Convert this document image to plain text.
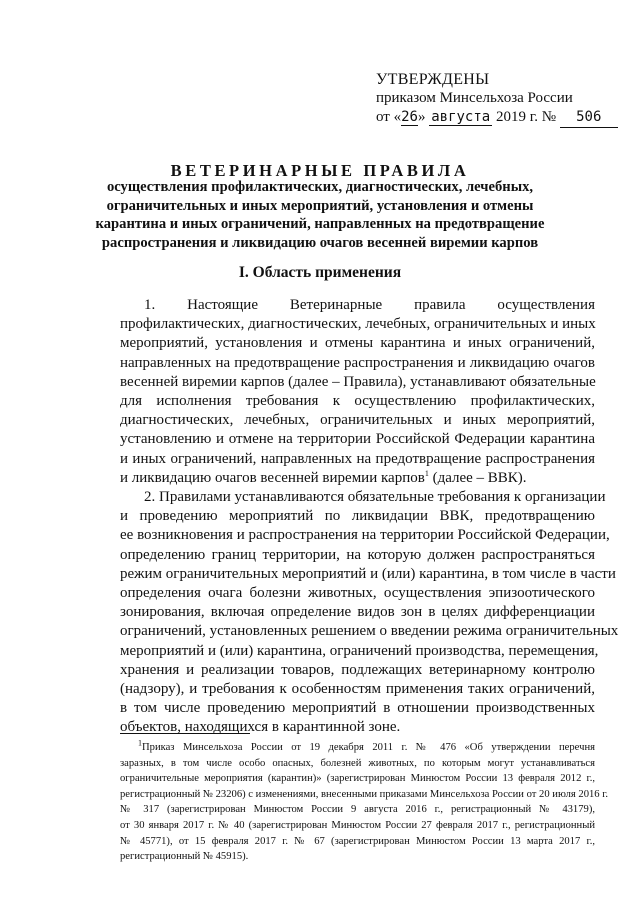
УТВЕРЖДЕНЫ
приказом Минсельхоза России
от «26» августа 2019 г. № 506
ВЕТЕРИНАРНЫЕ ПРАВИЛА
осуществления профилактических, диагностических, лечебных,
ограничительных и иных мероприятий, установления и отмены
карантина и иных ограничений, направленных на предотвращение
распространения и ликвидацию очагов весенней виремии карпов
I. Область применения
1. Настоящие Ветеринарные правила осуществления
профилактических, диагностических, лечебных, ограничительных и иных
мероприятий, установления и отмены карантина и иных ограничений,
направленных на предотвращение распространения и ликвидацию очагов
весенней виремии карпов (далее – Правила), устанавливают обязательные
для исполнения требования к осуществлению профилактических,
диагностических, лечебных, ограничительных и иных мероприятий,
установлению и отмене на территории Российской Федерации карантина
и иных ограничений, направленных на предотвращение распространения
и ликвидацию очагов весенней виремии карпов$^1$ (далее – ВВК).
2. Правилами устанавливаются обязательные требования к организации
и проведению мероприятий по ликвидации ВВК, предотвращению
ее возникновения и распространения на территории Российской Федерации,
определению границ территории, на которую должен распространяться
режим ограничительных мероприятий и (или) карантина, в том числе в части
определения очага болезни животных, осуществления эпизоотического
зонирования, включая определение видов зон в целях дифференциации
ограничений, установленных решением о введении режима ограничительных
мероприятий и (или) карантина, ограничений производства, перемещения,
хранения и реализации товаров, подлежащих ветеринарному контролю
(надзору), и требования к особенностям применения таких ограничений,
в том числе проведению мероприятий в отношении производственных
объектов, находящихся в карантинной зоне.
$^1$Приказ Минсельхоза России от 19 декабря 2011 г. № 476 «Об утверждении перечня
заразных, в том числе особо опасных, болезней животных, по которым могут устанавливаться
ограничительные мероприятия (карантин)» (зарегистрирован Минюстом России 13 февраля 2012 г.,
регистрационный № 23206) с изменениями, внесенными приказами Минсельхоза России от 20 июля 2016 г.
№ 317 (зарегистрирован Минюстом России 9 августа 2016 г., регистрационный № 43179),
от 30 января 2017 г. № 40 (зарегистрирован Минюстом России 27 февраля 2017 г., регистрационный
№ 45771), от 15 февраля 2017 г. № 67 (зарегистрирован Минюстом России 13 марта 2017 г.,
регистрационный № 45915).
